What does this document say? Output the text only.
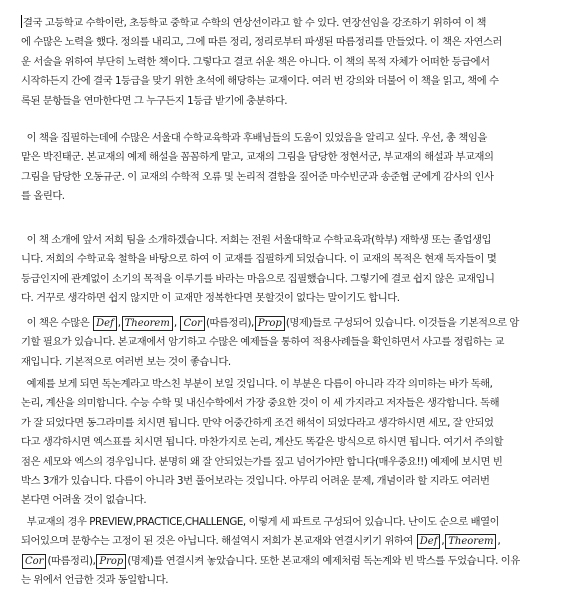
결국 고등학교 수학이란, 초등학교 중학교 수학의 연상선이라고 할 수 있다. 연장선임을 강조하기 위하여 이 책
에 수많은 노력을 했다. 정의를 내리고, 그에 따른 정리, 정리로부터 파생된 따름정리를 만들었다. 이 책은 자연스러
운 서술을 위하여 부단히 노력한 책이다. 그렇다고 결코 쉬운 책은 아니다. 이 책의 목적 자체가 어떠한 등급에서
시작하든지 간에 결국 1등급을 맞기 위한 초석에 해당하는 교재이다. 여러 번 강의와 더불어 이 책을 읽고, 책에 수
록된 문항들을 연마한다면 그 누구든지 1등급 받기에 충분하다.

이 책을 집필하는데에 수많은 서울대 수학교육학과 후배님들의 도움이 있었음을 알리고 싶다. 우선, 총 책임을
맡은 박진태군. 본교재의 예제 해설을 꼼꼼하게 맡고, 교재의 그림을 담당한 정현서군, 부교재의 해설과 부교재의
그림을 담당한 오동규군. 이 교재의 수학적 오류 및 논리적 결함을 짚어준 마수빈군과 송준협 군에게 감사의 인사
를 올린다.

이 책 소개에 앞서 저희 팀을 소개하겠습니다. 저희는 전원 서울대학교 수학교육과(학부) 재학생 또는 졸업생입
니다. 저희의 수학교육 철학을 바탕으로 하여 이 교재를 집필하게 되었습니다. 이 교재의 목적은 현재 독자들이 몇
등급인지에 관계없이 소기의 목적을 이루기를 바라는 마음으로 집필했습니다. 그렇기에 결코 쉽지 않은 교재입니
다. 거꾸로 생각하면 쉽지 않지만 이 교재만 정복한다면 못할것이 없다는 말이기도 합니다.

이 책은 수많은 Def , Theorem , Cor (따름정리), Prop (명제)들로 구성되어 있습니다. 이것들을 기본적으로 암
기할 필요가 있습니다. 본교재에서 암기하고 수많은 예제들을 통하여 적용사례들을 확인하면서 사고를 정립하는 교
재입니다. 기본적으로 여러번 보는 것이 좋습니다.

예제를 보게 되면 독논계라고 박스친 부분이 보일 것입니다. 이 부분은 다름이 아니라 각각 의미하는 바가 독해,
논리, 계산을 의미합니다. 수능 수학 및 내신수학에서 가장 중요한 것이 이 세 가지라고 저자들은 생각합니다. 독해
가 잘 되었다면 동그라미를 치시면 됩니다. 만약 어중간하게 조건 해석이 되었다라고 생각하시면 세모, 잘 안되었
다고 생각하시면 엑스표를 치시면 됩니다. 마찬가지로 논리, 계산도 똑같은 방식으로 하시면 됩니다. 여기서 주의할
점은 세모와 엑스의 경우입니다. 분명히 왜 잘 안되었는가를 짚고 넘어가야만 합니다(매우중요!!) 예제에 보시면 빈
박스 3개가 있습니다. 다름이 아니라 3번 풀어보라는 것입니다. 아무리 어려운 문제, 개념이라 할 지라도 여러번
본다면 어려울 것이 없습니다.

부교재의 경우 PREVIEW,PRACTICE,CHALLENGE, 이렇게 세 파트로 구성되어 있습니다. 난이도 순으로 배열이
되어있으며 문항수는 고정이 된 것은 아닙니다. 해설역시 저희가 본교재와 연결시키기 위하여 Def , Theorem ,
Cor (따름정리), Prop (명제)를 연결시켜 놓았습니다. 또한 본교재의 예제처럼 독논계와 빈 박스를 두었습니다. 이유
는 위에서 언급한 것과 동일합니다.
